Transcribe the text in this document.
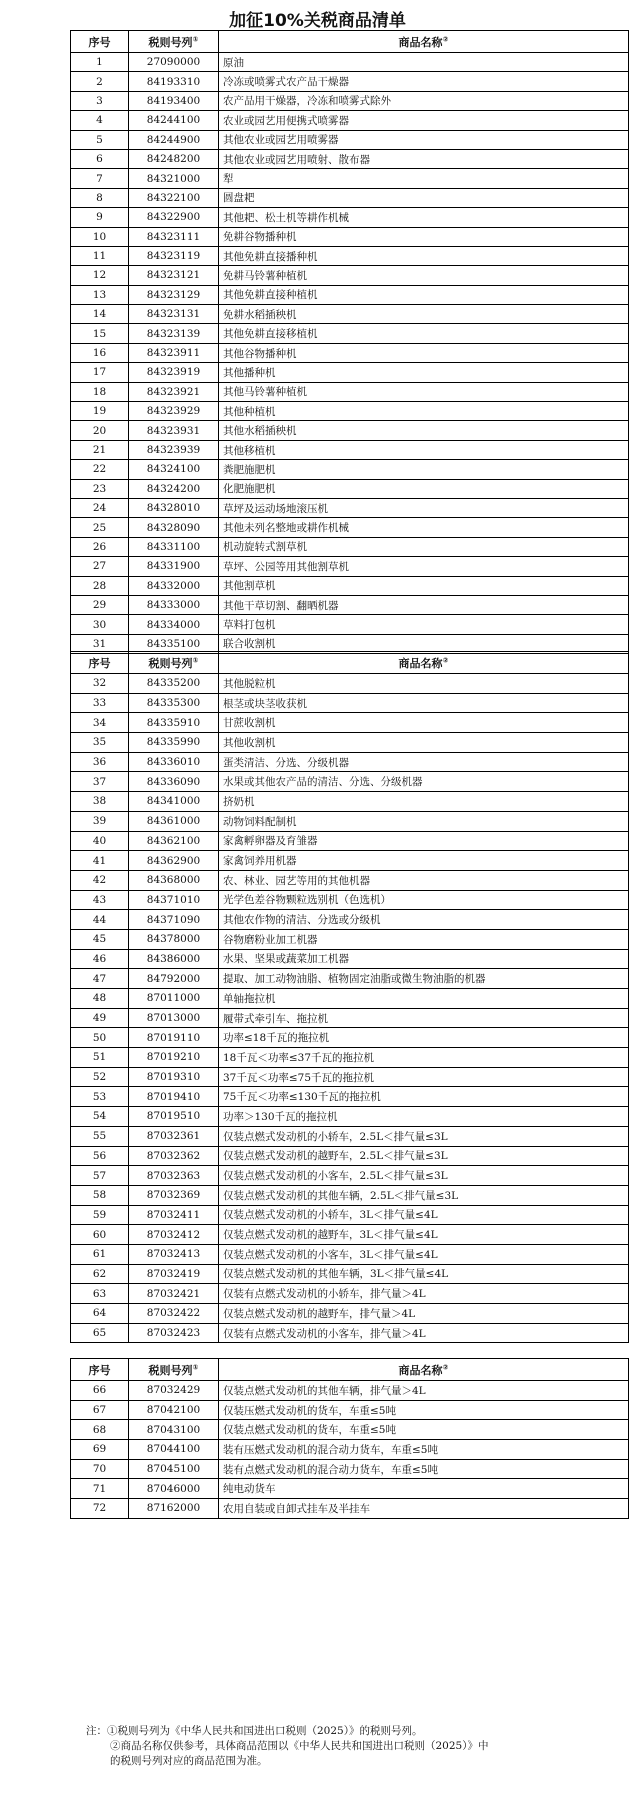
加征10%关税商品清单
序号	税则号列①	商品名称②
1	27090000	原油
2	84193310	冷冻或喷雾式农产品干燥器
3	84193400	农产品用干燥器，冷冻和喷雾式除外
4	84244100	农业或园艺用便携式喷雾器
5	84244900	其他农业或园艺用喷雾器
6	84248200	其他农业或园艺用喷射、散布器
7	84321000	犁
8	84322100	圆盘耙
9	84322900	其他耙、松土机等耕作机械
10	84323111	免耕谷物播种机
11	84323119	其他免耕直接播种机
12	84323121	免耕马铃薯种植机
13	84323129	其他免耕直接种植机
14	84323131	免耕水稻插秧机
15	84323139	其他免耕直接移植机
16	84323911	其他谷物播种机
17	84323919	其他播种机
18	84323921	其他马铃薯种植机
19	84323929	其他种植机
20	84323931	其他水稻插秧机
21	84323939	其他移植机
22	84324100	粪肥施肥机
23	84324200	化肥施肥机
24	84328010	草坪及运动场地滚压机
25	84328090	其他未列名整地或耕作机械
26	84331100	机动旋转式割草机
27	84331900	草坪、公园等用其他割草机
28	84332000	其他割草机
29	84333000	其他干草切割、翻晒机器
30	84334000	草料打包机
31	84335100	联合收割机
序号	税则号列①	商品名称②
32	84335200	其他脱粒机
33	84335300	根茎或块茎收获机
34	84335910	甘蔗收割机
35	84335990	其他收割机
36	84336010	蛋类清洁、分选、分级机器
37	84336090	水果或其他农产品的清洁、分选、分级机器
38	84341000	挤奶机
39	84361000	动物饲料配制机
40	84362100	家禽孵卵器及育雏器
41	84362900	家禽饲养用机器
42	84368000	农、林业、园艺等用的其他机器
43	84371010	光学色差谷物颗粒选别机（色选机）
44	84371090	其他农作物的清洁、分选或分级机
45	84378000	谷物磨粉业加工机器
46	84386000	水果、坚果或蔬菜加工机器
47	84792000	提取、加工动物油脂、植物固定油脂或微生物油脂的机器
48	87011000	单轴拖拉机
49	87013000	履带式牵引车、拖拉机
50	87019110	功率≤18千瓦的拖拉机
51	87019210	18千瓦＜功率≤37千瓦的拖拉机
52	87019310	37千瓦＜功率≤75千瓦的拖拉机
53	87019410	75千瓦＜功率≤130千瓦的拖拉机
54	87019510	功率＞130千瓦的拖拉机
55	87032361	仅装点燃式发动机的小轿车，2.5L＜排气量≤3L
56	87032362	仅装点燃式发动机的越野车，2.5L＜排气量≤3L
57	87032363	仅装点燃式发动机的小客车，2.5L＜排气量≤3L
58	87032369	仅装点燃式发动机的其他车辆，2.5L＜排气量≤3L
59	87032411	仅装点燃式发动机的小轿车，3L＜排气量≤4L
60	87032412	仅装点燃式发动机的越野车，3L＜排气量≤4L
61	87032413	仅装点燃式发动机的小客车，3L＜排气量≤4L
62	87032419	仅装点燃式发动机的其他车辆，3L＜排气量≤4L
63	87032421	仅装有点燃式发动机的小轿车，排气量＞4L
64	87032422	仅装点燃式发动机的越野车，排气量＞4L
65	87032423	仅装有点燃式发动机的小客车，排气量＞4L
序号	税则号列①	商品名称②
66	87032429	仅装点燃式发动机的其他车辆，排气量＞4L
67	87042100	仅装压燃式发动机的货车，车重≤5吨
68	87043100	仅装点燃式发动机的货车，车重≤5吨
69	87044100	装有压燃式发动机的混合动力货车，车重≤5吨
70	87045100	装有点燃式发动机的混合动力货车，车重≤5吨
71	87046000	纯电动货车
72	87162000	农用自装或自卸式挂车及半挂车

注：①税则号列为《中华人民共和国进出口税则（2025）》的税则号列。

②商品名称仅供参考，具体商品范围以《中华人民共和国进出口税则（2025）》中

的税则号列对应的商品范围为准。
